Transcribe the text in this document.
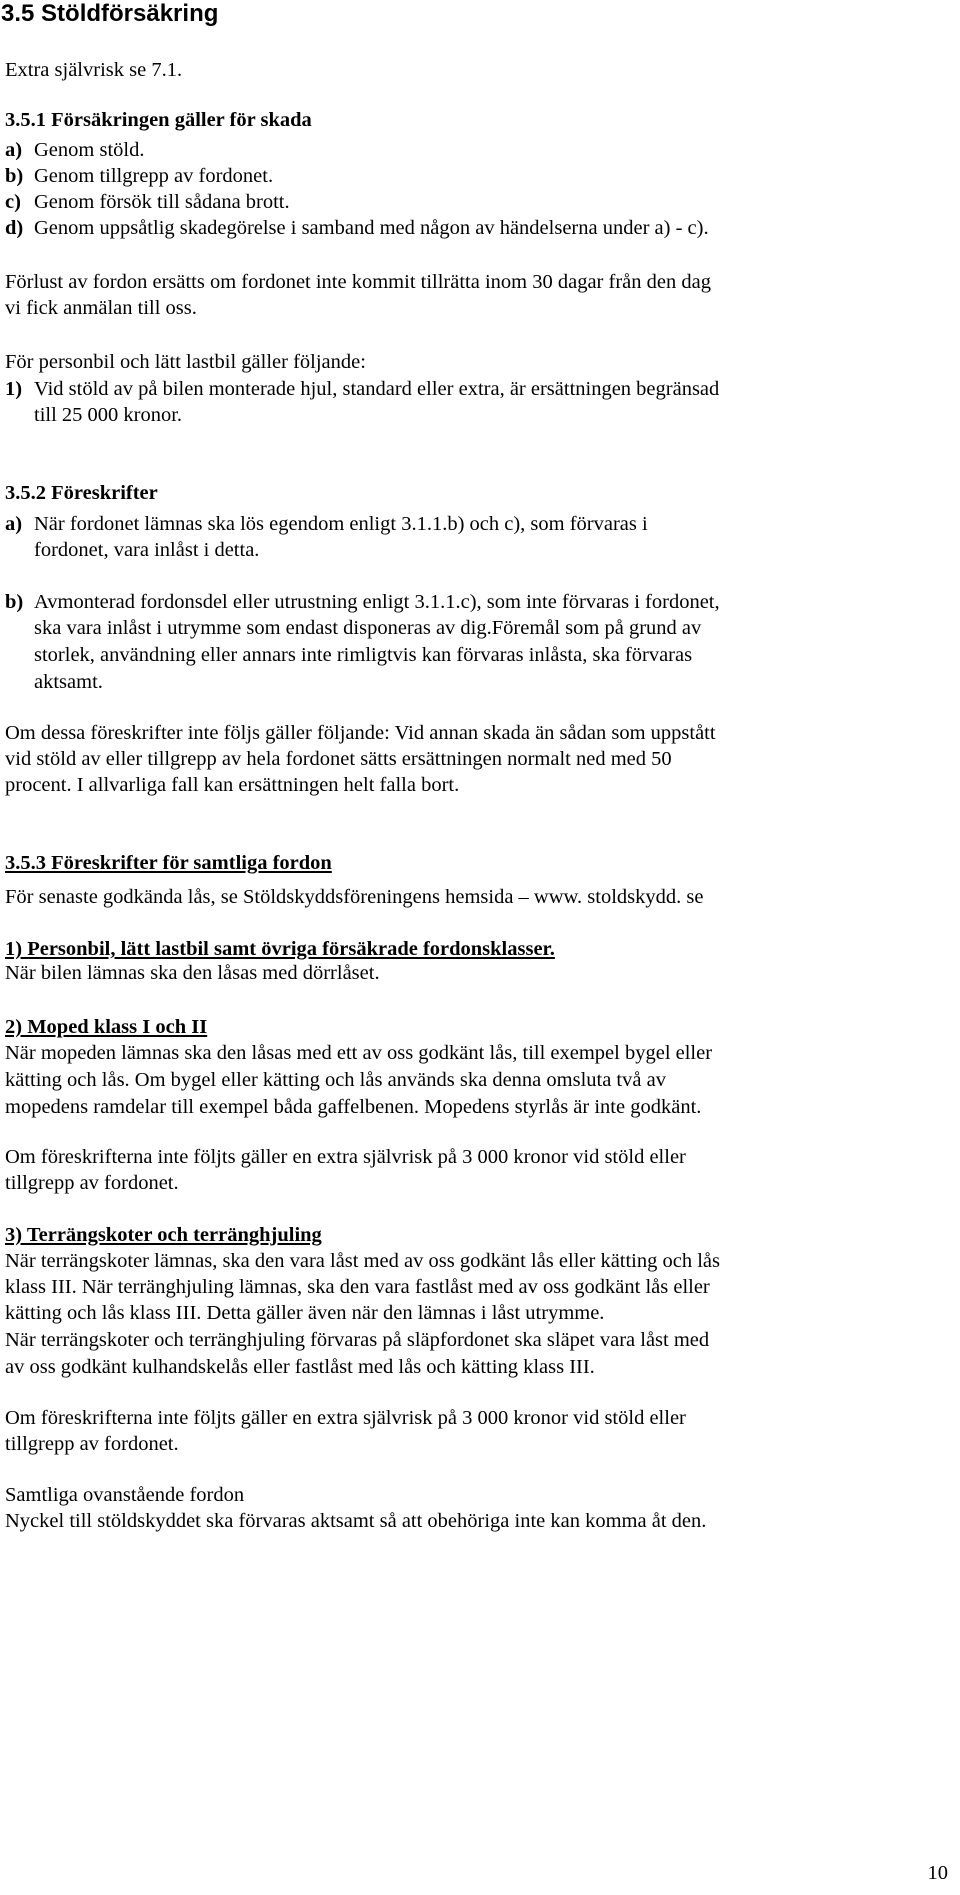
3.5 Stöldförsäkring
Extra självrisk se 7.1.
3.5.1 Försäkringen gäller för skada
a) Genom stöld.
b) Genom tillgrepp av fordonet.
c) Genom försök till sådana brott.
d) Genom uppsåtlig skadegörelse i samband med någon av händelserna under a) - c).
Förlust av fordon ersätts om fordonet inte kommit tillrätta inom 30 dagar från den dag
vi fick anmälan till oss.
För personbil och lätt lastbil gäller följande:
1) Vid stöld av på bilen monterade hjul, standard eller extra, är ersättningen begränsad
till 25 000 kronor.
3.5.2 Föreskrifter
a) När fordonet lämnas ska lös egendom enligt 3.1.1.b) och c), som förvaras i
fordonet, vara inlåst i detta.
b) Avmonterad fordonsdel eller utrustning enligt 3.1.1.c), som inte förvaras i fordonet,
ska vara inlåst i utrymme som endast disponeras av dig.Föremål som på grund av
storlek, användning eller annars inte rimligtvis kan förvaras inlåsta, ska förvaras
aktsamt.
Om dessa föreskrifter inte följs gäller följande: Vid annan skada än sådan som uppstått
vid stöld av eller tillgrepp av hela fordonet sätts ersättningen normalt ned med 50
procent. I allvarliga fall kan ersättningen helt falla bort.
3.5.3 Föreskrifter för samtliga fordon
För senaste godkända lås, se Stöldskyddsföreningens hemsida – www. stoldskydd. se
1) Personbil, lätt lastbil samt övriga försäkrade fordonsklasser.
När bilen lämnas ska den låsas med dörrlåset.
2) Moped klass I och II
När mopeden lämnas ska den låsas med ett av oss godkänt lås, till exempel bygel eller
kätting och lås. Om bygel eller kätting och lås används ska denna omsluta två av
mopedens ramdelar till exempel båda gaffelbenen. Mopedens styrlås är inte godkänt.
Om föreskrifterna inte följts gäller en extra självrisk på 3 000 kronor vid stöld eller
tillgrepp av fordonet.
3) Terrängskoter och terränghjuling
När terrängskoter lämnas, ska den vara låst med av oss godkänt lås eller kätting och lås
klass III. När terränghjuling lämnas, ska den vara fastlåst med av oss godkänt lås eller
kätting och lås klass III. Detta gäller även när den lämnas i låst utrymme.
När terrängskoter och terränghjuling förvaras på släpfordonet ska släpet vara låst med
av oss godkänt kulhandskelås eller fastlåst med lås och kätting klass III.
Om föreskrifterna inte följts gäller en extra självrisk på 3 000 kronor vid stöld eller
tillgrepp av fordonet.
Samtliga ovanstående fordon
Nyckel till stöldskyddet ska förvaras aktsamt så att obehöriga inte kan komma åt den.
10
